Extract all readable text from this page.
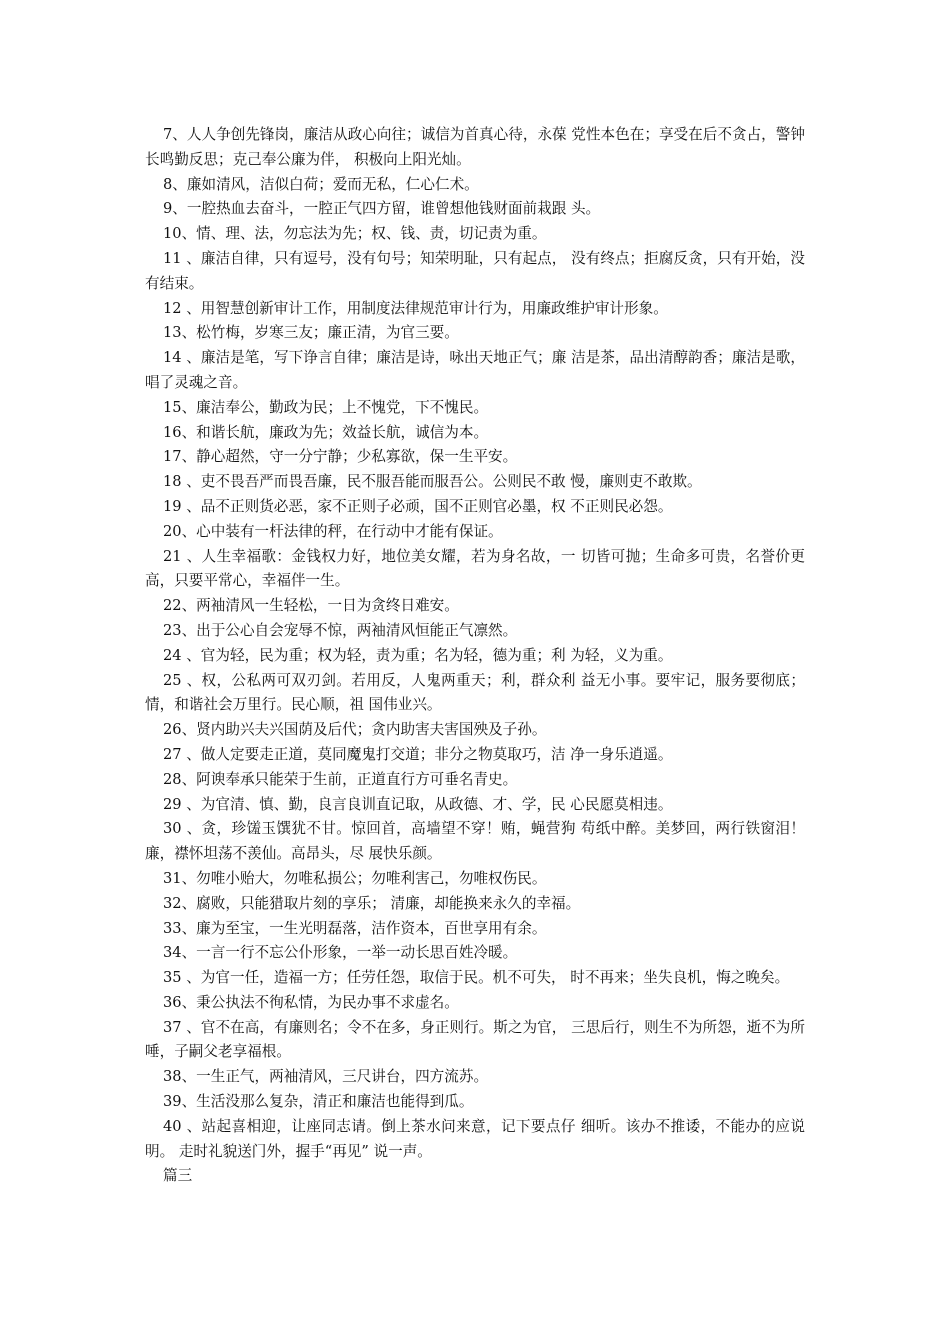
7、人人争创先锋岗，廉洁从政心向往；诚信为首真心待，永葆 党性本色在；享受在后不贪占，警钟长鸣勤反思；克己奉公廉为伴， 积极向上阳光灿。

8、廉如清风，洁似白荷；爱而无私，仁心仁术。

9、一腔热血去奋斗，一腔正气四方留，谁曾想他钱财面前栽跟 头。

10、情、理、法，勿忘法为先；权、钱、责，切记责为重。

11 、廉洁自律，只有逗号，没有句号；知荣明耻，只有起点， 没有终点；拒腐反贪，只有开始，没有结束。

12 、用智慧创新审计工作，用制度法律规范审计行为，用廉政维护审计形象。

13、松竹梅，岁寒三友；廉正清，为官三要。

14 、廉洁是笔，写下诤言自律；廉洁是诗，咏出天地正气；廉 洁是茶，品出清醇韵香；廉洁是歌，唱了灵魂之音。

15、廉洁奉公，勤政为民；上不愧党，下不愧民。

16、和谐长航，廉政为先；效益长航，诚信为本。

17、静心超然，守一分宁静；少私寡欲，保一生平安。

18 、吏不畏吾严而畏吾廉，民不服吾能而服吾公。公则民不敢 慢，廉则吏不敢欺。

19 、品不正则货必恶，家不正则子必顽，国不正则官必墨，权 不正则民必怨。

20、心中装有一杆法律的秤，在行动中才能有保证。

21 、人生幸福歌：金钱权力好，地位美女耀，若为身名故，一 切皆可抛；生命多可贵，名誉价更高，只要平常心，幸福伴一生。

22、两袖清风一生轻松，一日为贪终日难安。

23、出于公心自会宠辱不惊，两袖清风恒能正气凛然。

24 、官为轻，民为重；权为轻，责为重；名为轻，德为重；利 为轻，义为重。

25 、权，公私两可双刃剑。若用反，人鬼两重天；利，群众利 益无小事。要牢记，服务要彻底；情，和谐社会万里行。民心顺，祖 国伟业兴。

26、贤内助兴夫兴国荫及后代；贪内助害夫害国殃及子孙。

27 、做人定要走正道，莫同魔鬼打交道；非分之物莫取巧，洁 净一身乐逍遥。

28、阿谀奉承只能荣于生前，正道直行方可垂名青史。

29 、为官清、慎、勤，良言良训直记取，从政德、才、学，民 心民愿莫相违。

30 、贪，珍馐玉馔犹不甘。惊回首，高墙望不穿！贿，蝇营狗 苟纸中醉。美梦回，两行铁窗泪！廉，襟怀坦荡不羡仙。高昂头，尽 展快乐颜。

31、勿唯小贻大，勿唯私损公；勿唯利害己，勿唯权伤民。

32、腐败，只能猎取片刻的享乐； 清廉，却能换来永久的幸福。

33、廉为至宝，一生光明磊落，洁作资本，百世享用有余。

34、一言一行不忘公仆形象，一举一动长思百姓冷暖。

35 、为官一任，造福一方；任劳任怨，取信于民。机不可失， 时不再来；坐失良机，悔之晚矣。

36、秉公执法不徇私情，为民办事不求虚名。

37 、官不在高，有廉则名；令不在多，身正则行。斯之为官， 三思后行，则生不为所怨，逝不为所唾，子嗣父老享福根。

38、一生正气，两袖清风，三尺讲台，四方流苏。

39、生活没那么复杂，清正和廉洁也能得到瓜。

40 、站起喜相迎，让座同志请。倒上茶水问来意，记下要点仔 细听。该办不推诿，不能办的应说明。 走时礼貌送门外，握手“再见” 说一声。

篇三
